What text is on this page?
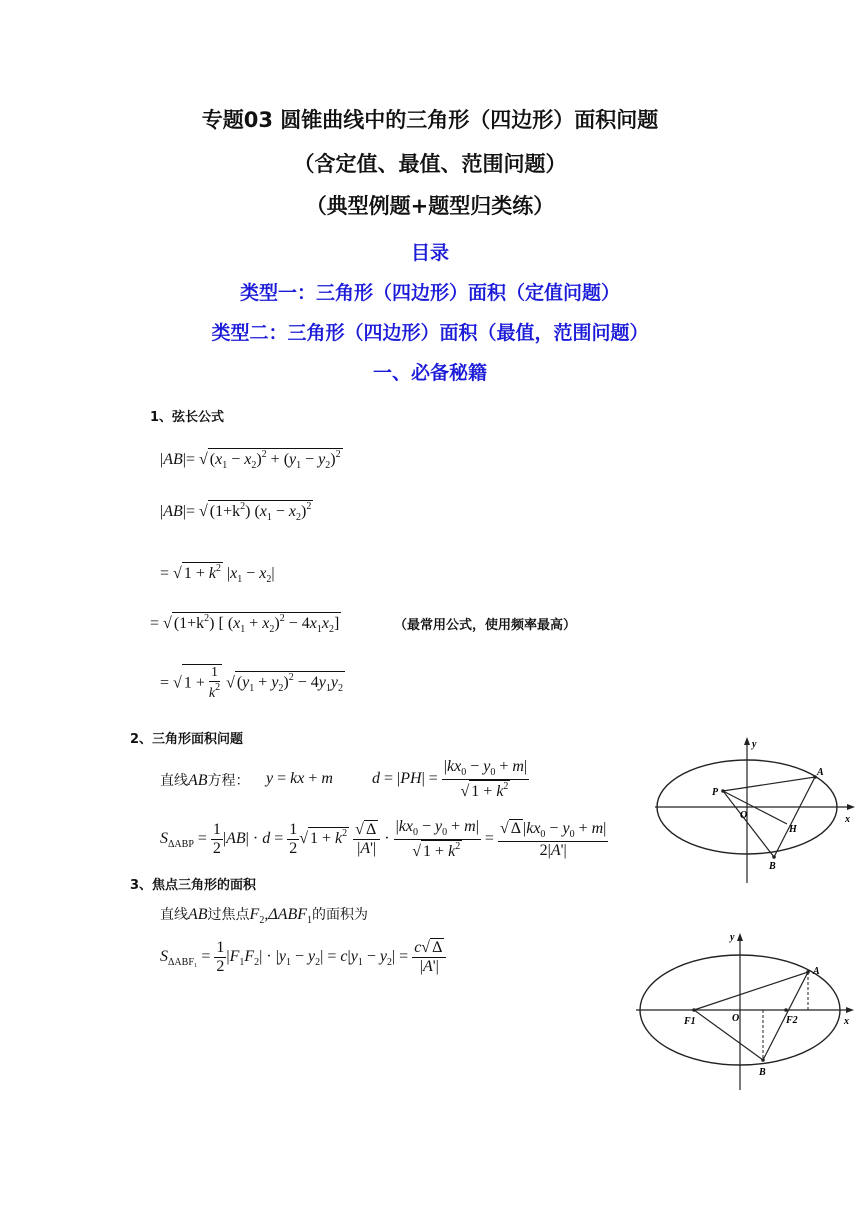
专题03 圆锥曲线中的三角形（四边形）面积问题
（含定值、最值、范围问题）
（典型例题+题型归类练）
目录
类型一：三角形（四边形）面积（定值问题）
类型二：三角形（四边形）面积（最值，范围问题）
一、必备秘籍
1、弦长公式
|AB|= √ $(x_1 - x_2)^2 + (y_1 - y_2)^2$
|AB|= √ $(1+k^2) (x_1 - x_2)^2$
= √ $1 + k^2$ $|x_1 - x_2|$
= √ $(1+k^2)$ [ $(x_1 + x_2)^2 - 4x_1x_2$]	（最常用公式，使用频率最高）
= √ $1 + \frac{1}{k^2}$ √ $(y_1 + y_2)^2 - 4y_1y_2$
2、三角形面积问题
直线AB方程： y = kx + m $d = |PH| = \frac{|kx_0 - y_0 + m|}{√ 1 + k^2}$
$S_{\Delta ABP} = \frac{1}{2} |AB| \cdot d = \frac{1}{2}$ √ $1 + k^2 \frac{√ \Delta}{|A'|} \cdot \frac{|kx_0 - y_0 + m|}{√ 1 + k^2} = \frac{√ \Delta |kx_0 - y_0 + m|}{2|A'|}$
y
x
A
P
O
H
B
3、焦点三角形的面积
直线AB过焦点$F_2,\Delta ABF_1$的面积为
$S_{\Delta ABF_1} = \frac{1}{2} |F_1F_2| \cdot |y_1 - y_2| = c|y_1 - y_2| = \frac{c√ \Delta}{|A'|}$
y
x
A
F1	O	F2
B
